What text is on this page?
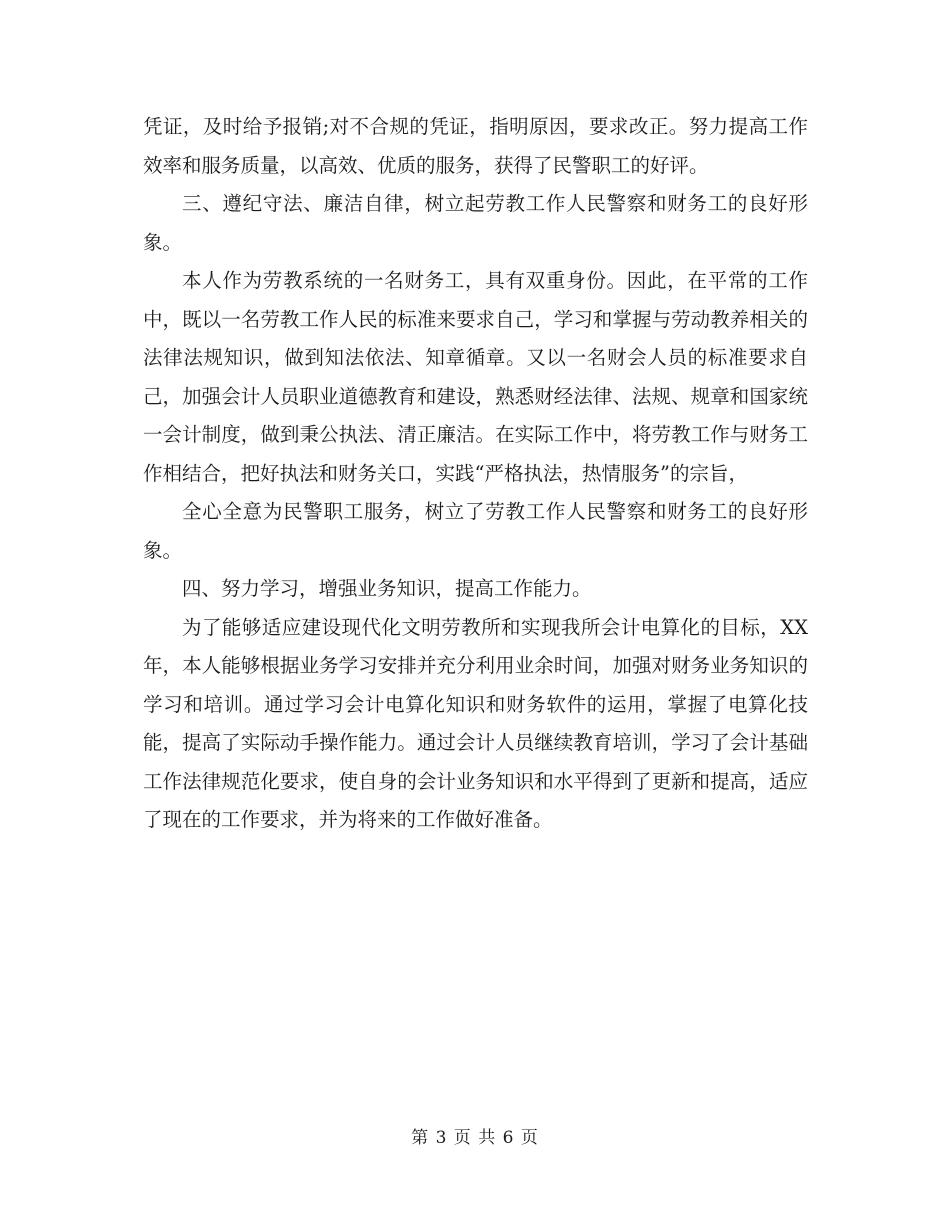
凭证，及时给予报销;对不合规的凭证，指明原因，要求改正。努力提高工作效率和服务质量，以高效、优质的服务，获得了民警职工的好评。

三、遵纪守法、廉洁自律，树立起劳教工作人民警察和财务工的良好形象。

本人作为劳教系统的一名财务工，具有双重身份。因此，在平常的工作中，既以一名劳教工作人民的标准来要求自己，学习和掌握与劳动教养相关的法律法规知识，做到知法依法、知章循章。又以一名财会人员的标准要求自己，加强会计人员职业道德教育和建设，熟悉财经法律、法规、规章和国家统一会计制度，做到秉公执法、清正廉洁。在实际工作中，将劳教工作与财务工作相结合，把好执法和财务关口，实践“严格执法，热情服务”的宗旨，

全心全意为民警职工服务，树立了劳教工作人民警察和财务工的良好形象。

四、努力学习，增强业务知识，提高工作能力。

为了能够适应建设现代化文明劳教所和实现我所会计电算化的目标，XX年，本人能够根据业务学习安排并充分利用业余时间，加强对财务业务知识的学习和培训。通过学习会计电算化知识和财务软件的运用，掌握了电算化技能，提高了实际动手操作能力。通过会计人员继续教育培训，学习了会计基础工作法律规范化要求，使自身的会计业务知识和水平得到了更新和提高，适应了现在的工作要求，并为将来的工作做好准备。

第 3 页 共 6 页
